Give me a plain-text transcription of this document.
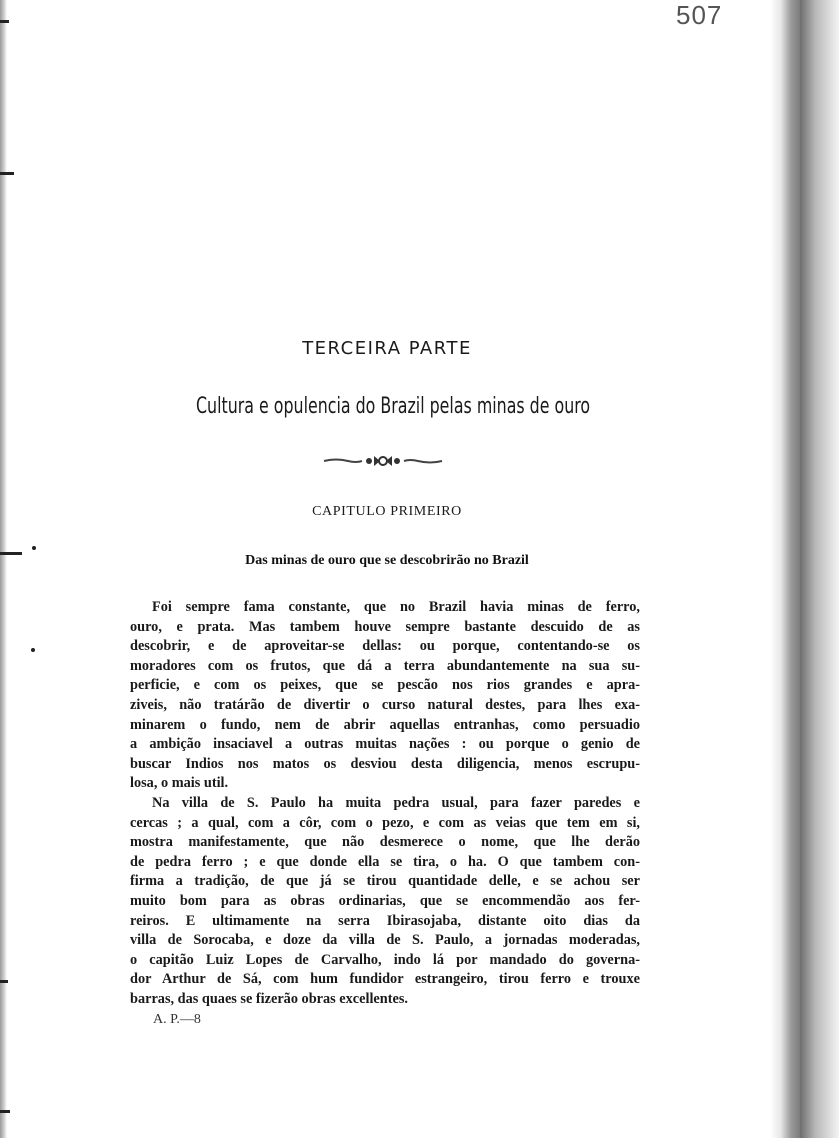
507
TERCEIRA PARTE
Cultura e opulencia do Brazil pelas minas de ouro
CAPITULO PRIMEIRO
Das minas de ouro que se descobrirão no Brazil
Foi sempre fama constante, que no Brazil havia minas de ferro,
ouro, e prata. Mas tambem houve sempre bastante descuido de as
descobrir, e de aproveitar-se dellas: ou porque, contentando-se os
moradores com os frutos, que dá a terra abundantemente na sua su-
perficie, e com os peixes, que se pescão nos rios grandes e apra-
ziveis, não tratárão de divertir o curso natural destes, para lhes exa-
minarem o fundo, nem de abrir aquellas entranhas, como persuadio
a ambição insaciavel a outras muitas nações : ou porque o genio de
buscar Indios nos matos os desviou desta diligencia, menos escrupu-
losa, o mais util.
Na villa de S. Paulo ha muita pedra usual, para fazer paredes e
cercas ; a qual, com a côr, com o pezo, e com as veias que tem em si,
mostra manifestamente, que não desmerece o nome, que lhe derão
de pedra ferro ; e que donde ella se tira, o ha. O que tambem con-
firma a tradição, de que já se tirou quantidade delle, e se achou ser
muito bom para as obras ordinarias, que se encommendão aos fer-
reiros. E ultimamente na serra Ibirasojaba, distante oito dias da
villa de Sorocaba, e doze da villa de S. Paulo, a jornadas moderadas,
o capitão Luiz Lopes de Carvalho, indo lá por mandado do governa-
dor Arthur de Sá, com hum fundidor estrangeiro, tirou ferro e trouxe
barras, das quaes se fizerão obras excellentes.
A. P.—8
